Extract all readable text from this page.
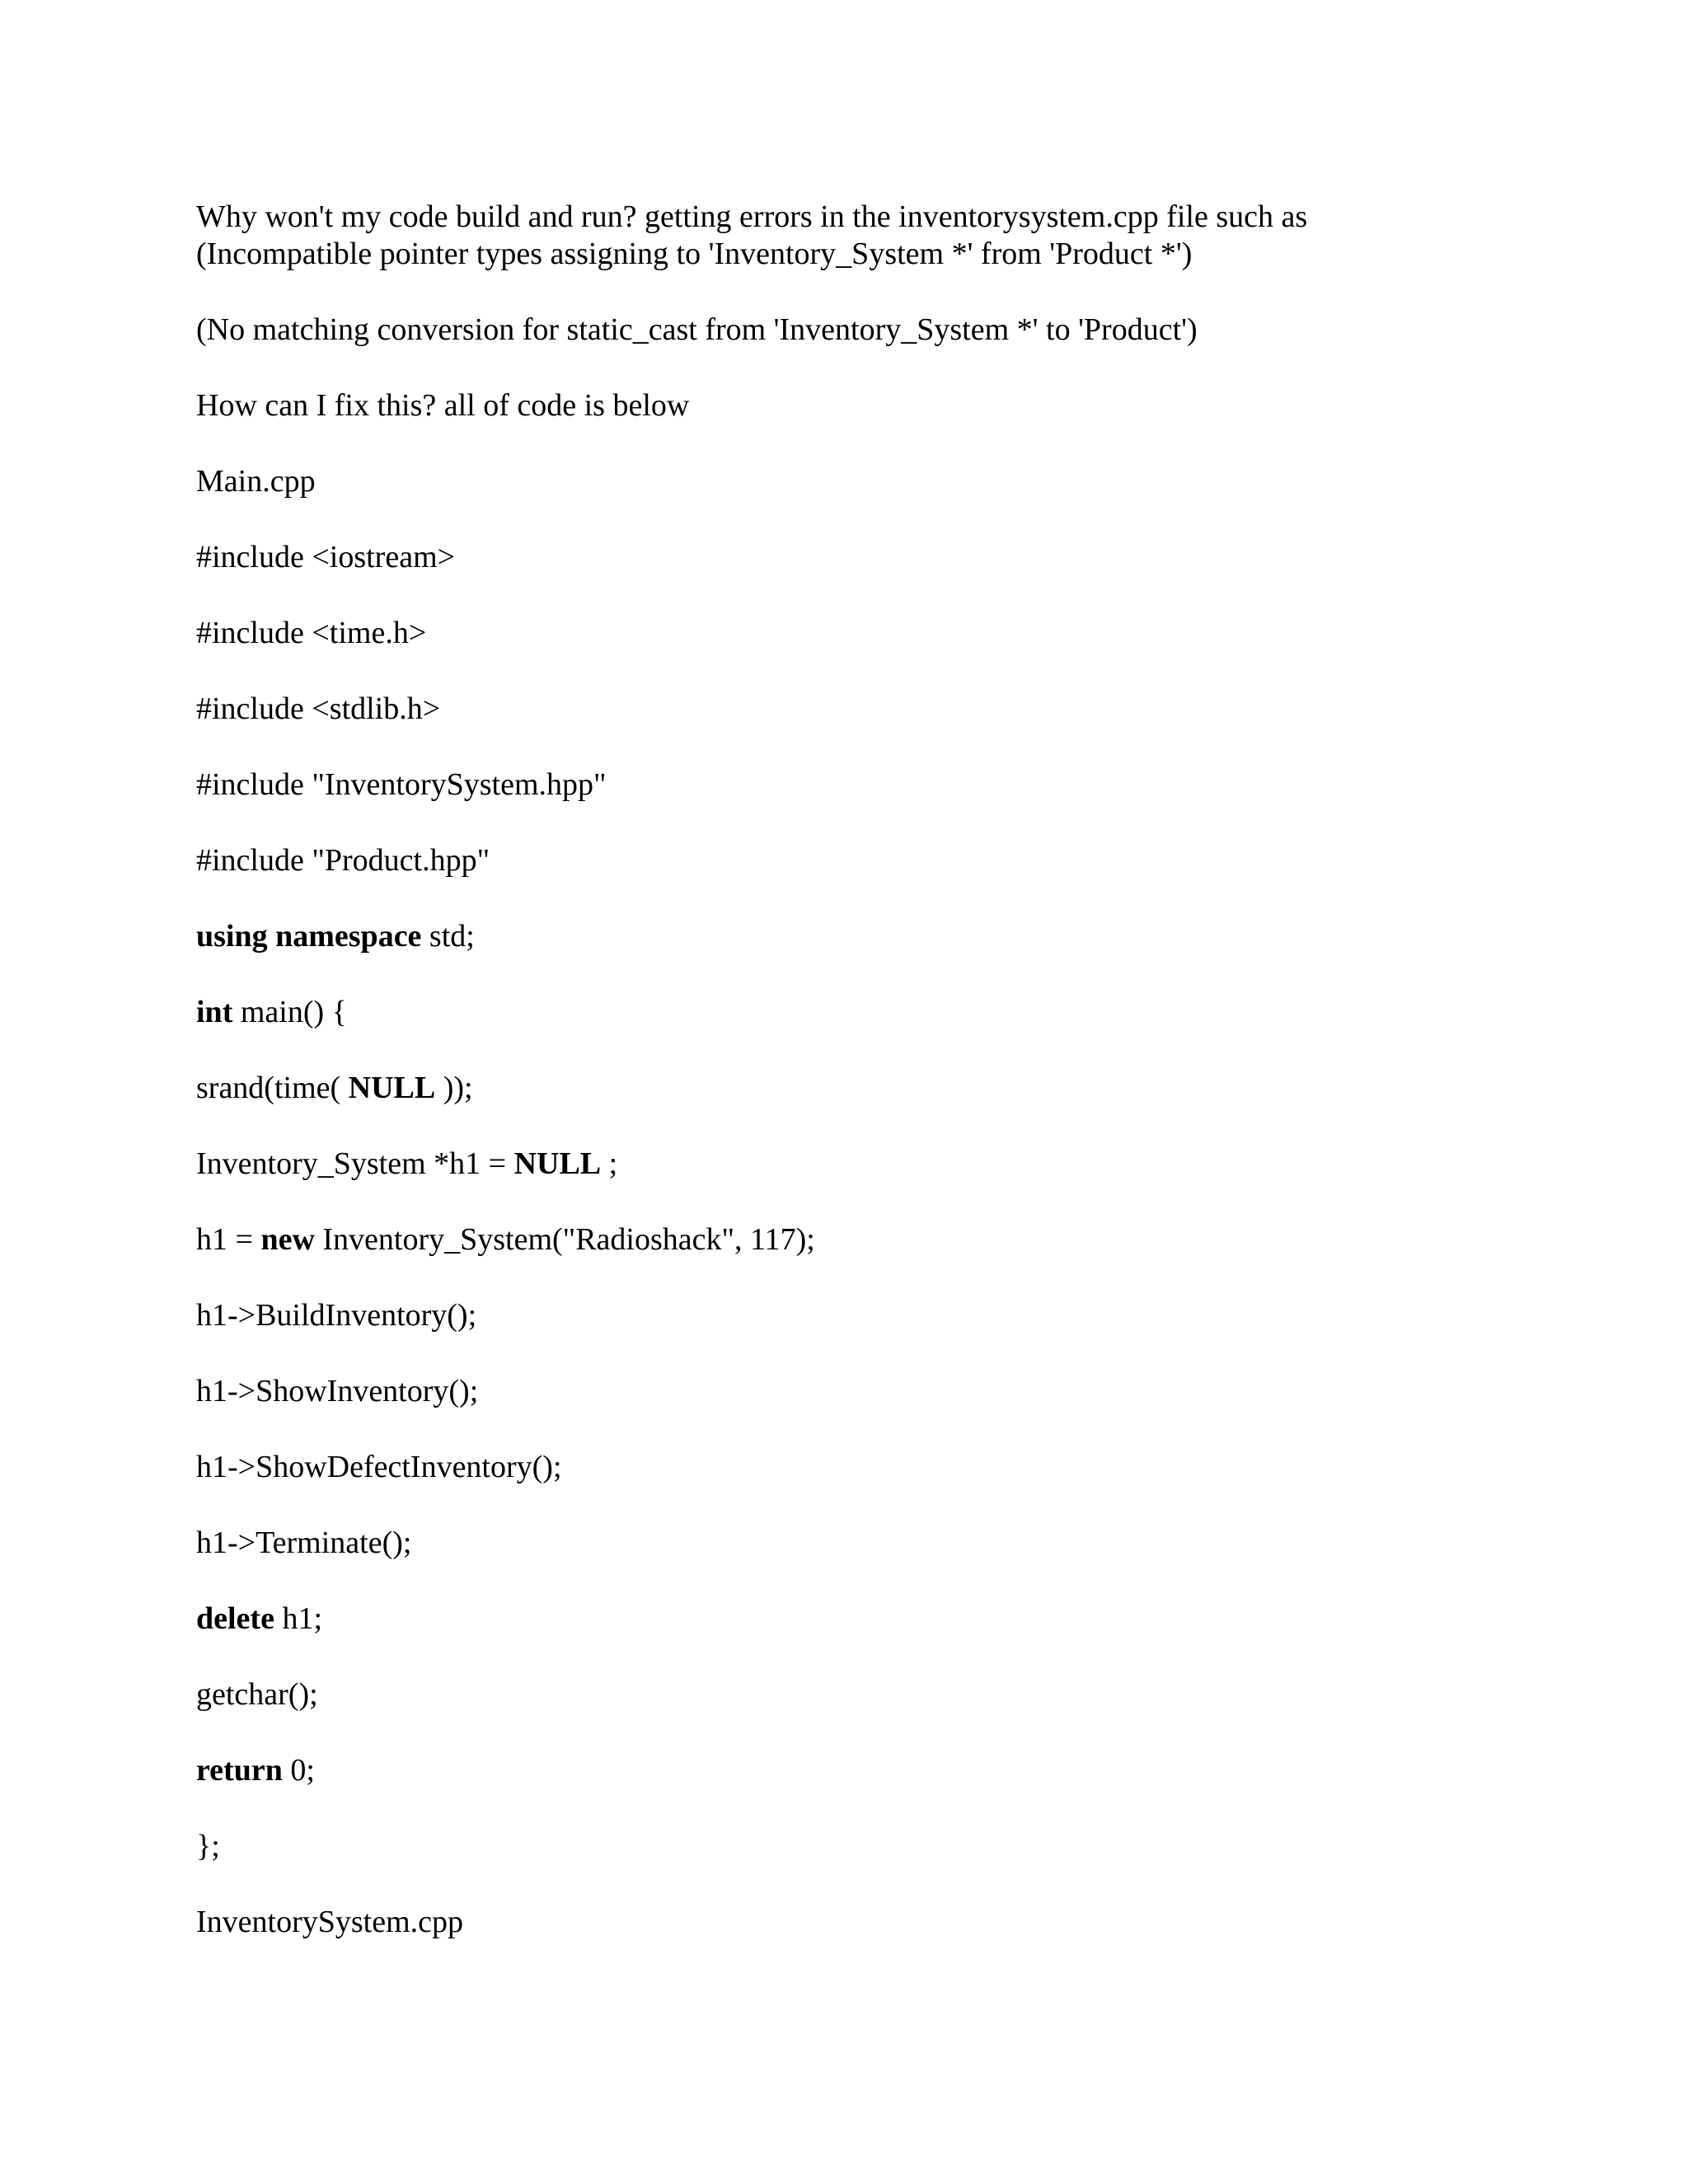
Why won't my code build and run? getting errors in the inventorysystem.cpp file such as
(Incompatible pointer types assigning to 'Inventory_System *' from 'Product *')
(No matching conversion for static_cast from 'Inventory_System *' to 'Product')
How can I fix this? all of code is below
Main.cpp
#include <iostream>
#include <time.h>
#include <stdlib.h>
#include "InventorySystem.hpp"
#include "Product.hpp"
using namespace std;
int main() {
srand(time( NULL ));
Inventory_System *h1 = NULL ;
h1 = new Inventory_System("Radioshack", 117);
h1->BuildInventory();
h1->ShowInventory();
h1->ShowDefectInventory();
h1->Terminate();
delete h1;
getchar();
return 0;
};
InventorySystem.cpp
